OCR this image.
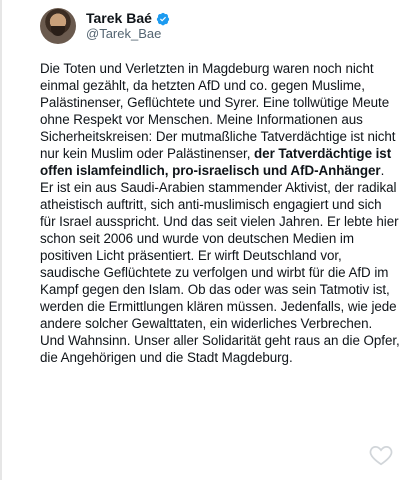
Tarek Baé
@Tarek_Bae
Die Toten und Verletzten in Magdeburg waren noch nicht einmal gezählt, da hetzten AfD und co. gegen Muslime, Palästinenser, Geflüchtete und Syrer. Eine tollwütige Meute ohne Respekt vor Menschen. Meine Informationen aus Sicherheitskreisen: Der mutmaßliche Tatverdächtige ist nicht nur kein Muslim oder Palästinenser, der Tatverdächtige ist offen islamfeindlich, pro-israelisch und AfD-Anhänger. Er ist ein aus Saudi-Arabien stammender Aktivist, der radikal atheistisch auftritt, sich anti-muslimisch engagiert und sich für Israel ausspricht. Und das seit vielen Jahren. Er lebte hier schon seit 2006 und wurde von deutschen Medien im positiven Licht präsentiert. Er wirft Deutschland vor, saudische Geflüchtete zu verfolgen und wirbt für die AfD im Kampf gegen den Islam. Ob das oder was sein Tatmotiv ist, werden die Ermittlungen klären müssen. Jedenfalls, wie jede andere solcher Gewalttaten, ein widerliches Verbrechen. Und Wahnsinn. Unser aller Solidarität geht raus an die Opfer, die Angehörigen und die Stadt Magdeburg.
